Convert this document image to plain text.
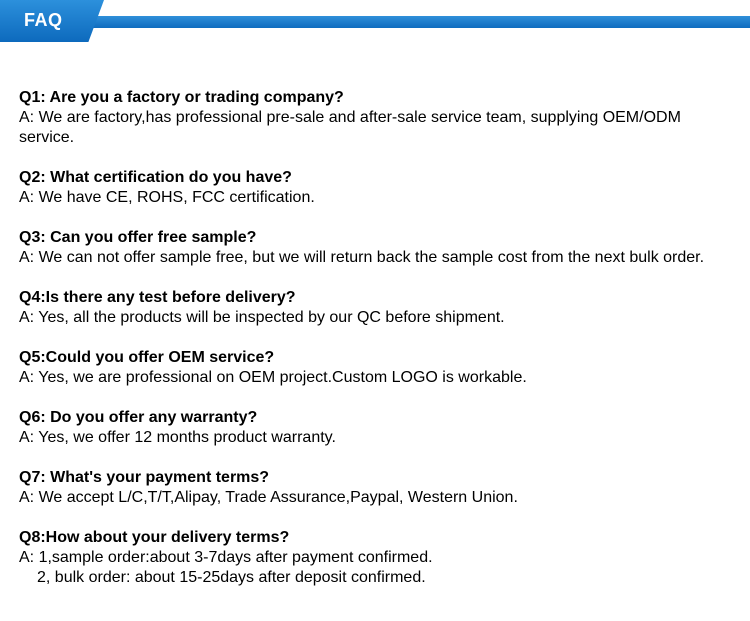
FAQ
Q1: Are you a factory or trading company?
A: We are factory,has professional pre-sale and after-sale service team, supplying OEM/ODM
service.
Q2: What certification do you have?
A: We have CE, ROHS, FCC certification.
Q3: Can you offer free sample?
A: We can not offer sample free, but we will return back the sample cost from the next bulk order.
Q4:Is there any test before delivery?
A: Yes, all the products will be inspected by our QC before shipment.
Q5:Could you offer OEM service?
A: Yes, we are professional on OEM project.Custom LOGO is workable.
Q6: Do you offer any warranty?
A: Yes, we offer 12 months product warranty.
Q7: What's your payment terms?
A: We accept L/C,T/T,Alipay, Trade Assurance,Paypal, Western Union.
Q8:How about your delivery terms?
A: 1,sample order:about 3-7days after payment confirmed.
2, bulk order: about 15-25days after deposit confirmed.
